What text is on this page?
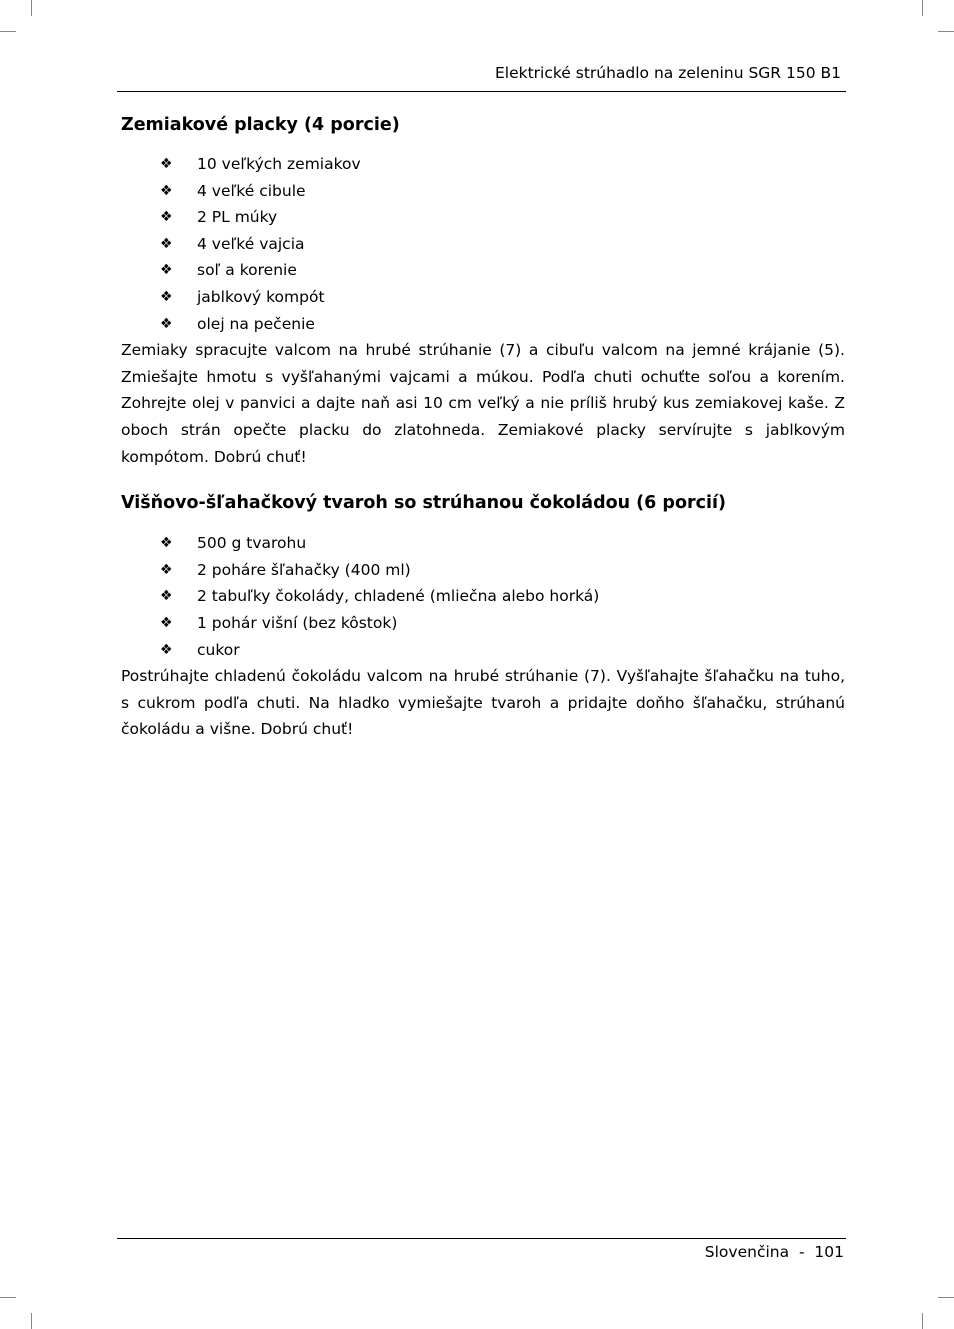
Elektrické strúhadlo na zeleninu SGR 150 B1
Zemiakové placky (4 porcie)
❖ 10 veľkých zemiakov
❖ 4 veľké cibule
❖ 2 PL múky
❖ 4 veľké vajcia
❖ soľ a korenie
❖ jablkový kompót
❖ olej na pečenie

Zemiaky spracujte valcom na hrubé strúhanie (7) a cibuľu valcom na jemné krájanie (5). Zmiešajte hmotu s vyšľahanými vajcami a múkou. Podľa chuti ochuťte soľou a korením. Zohrejte olej v panvici a dajte naň asi 10 cm veľký a nie príliš hrubý kus zemiakovej kaše. Z oboch strán opečte placku do zlatohneda. Zemiakové placky servírujte s jablkovým kompótom. Dobrú chuť!

Višňovo-šľahačkový tvaroh so strúhanou čokoládou (6 porcií)
❖ 500 g tvarohu
❖ 2 poháre šľahačky (400 ml)
❖ 2 tabuľky čokolády, chladené (mliečna alebo horká)
❖ 1 pohár višní (bez kôstok)
❖ cukor

Postrúhajte chladenú čokoládu valcom na hrubé strúhanie (7). Vyšľahajte šľahačku na tuho, s cukrom podľa chuti. Na hladko vymiešajte tvaroh a pridajte doňho šľahačku, strúhanú čokoládu a višne. Dobrú chuť!

Slovenčina - 101
